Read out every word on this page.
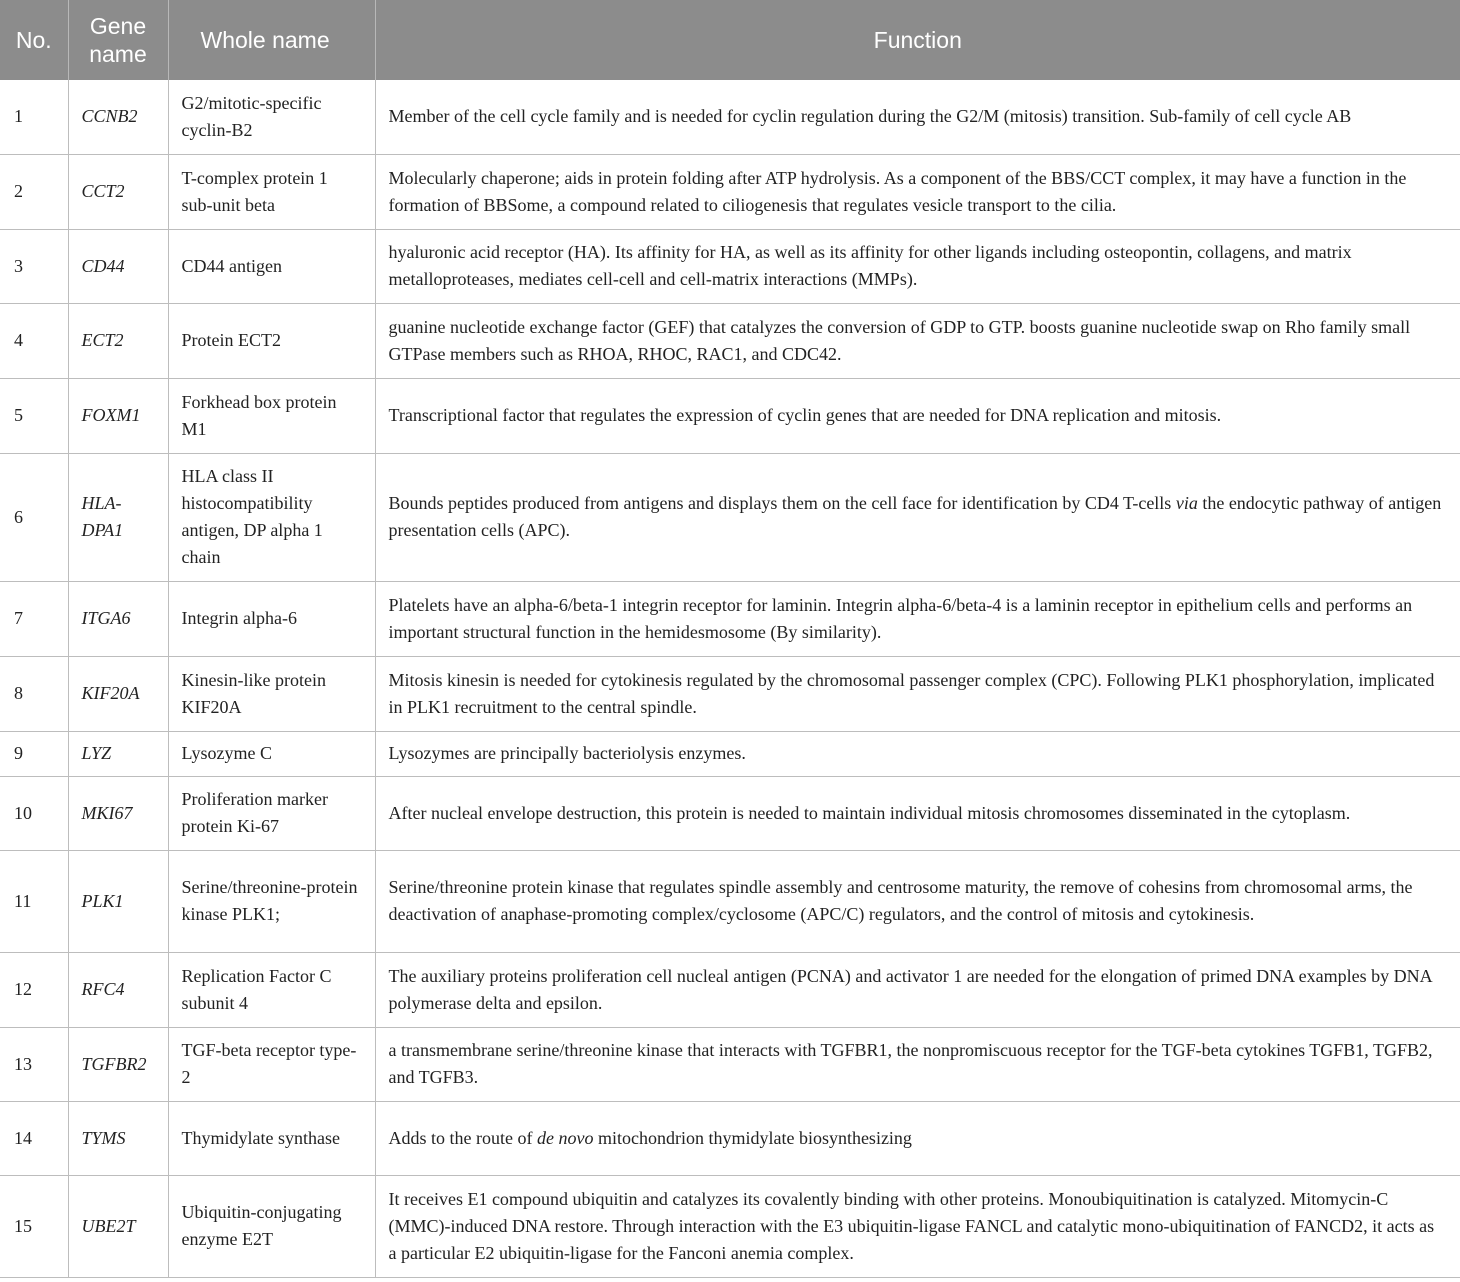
No.	Gene name	Whole name	Function
1	CCNB2	G2/mitotic-specific cyclin-B2	Member of the cell cycle family and is needed for cyclin regulation during the G2/M (mitosis) transition. Sub-family of cell cycle AB
2	CCT2	T-complex protein 1 sub-unit beta	Molecularly chaperone; aids in protein folding after ATP hydrolysis. As a component of the BBS/CCT complex, it may have a function in the formation of BBSome, a compound related to ciliogenesis that regulates vesicle transport to the cilia.
3	CD44	CD44 antigen	hyaluronic acid receptor (HA). Its affinity for HA, as well as its affinity for other ligands including osteopontin, collagens, and matrix metalloproteases, mediates cell-cell and cell-matrix interactions (MMPs).
4	ECT2	Protein ECT2	guanine nucleotide exchange factor (GEF) that catalyzes the conversion of GDP to GTP. boosts guanine nucleotide swap on Rho family small GTPase members such as RHOA, RHOC, RAC1, and CDC42.
5	FOXM1	Forkhead box protein M1	Transcriptional factor that regulates the expression of cyclin genes that are needed for DNA replication and mitosis.
6	HLA-DPA1	HLA class II histocompatibility antigen, DP alpha 1 chain	Bounds peptides produced from antigens and displays them on the cell face for identification by CD4 T-cells via the endocytic pathway of antigen presentation cells (APC).
7	ITGA6	Integrin alpha-6	Platelets have an alpha-6/beta-1 integrin receptor for laminin. Integrin alpha-6/beta-4 is a laminin receptor in epithelium cells and performs an important structural function in the hemidesmosome (By similarity).
8	KIF20A	Kinesin-like protein KIF20A	Mitosis kinesin is needed for cytokinesis regulated by the chromosomal passenger complex (CPC). Following PLK1 phosphorylation, implicated in PLK1 recruitment to the central spindle.
9	LYZ	Lysozyme C	Lysozymes are principally bacteriolysis enzymes.
10	MKI67	Proliferation marker protein Ki-67	After nucleal envelope destruction, this protein is needed to maintain individual mitosis chromosomes disseminated in the cytoplasm.
11	PLK1	Serine/threonine-protein kinase PLK1;	Serine/threonine protein kinase that regulates spindle assembly and centrosome maturity, the remove of cohesins from chromosomal arms, the deactivation of anaphase-promoting complex/cyclosome (APC/C) regulators, and the control of mitosis and cytokinesis.
12	RFC4	Replication Factor C subunit 4	The auxiliary proteins proliferation cell nucleal antigen (PCNA) and activator 1 are needed for the elongation of primed DNA examples by DNA polymerase delta and epsilon.
13	TGFBR2	TGF-beta receptor type-2	a transmembrane serine/threonine kinase that interacts with TGFBR1, the nonpromiscuous receptor for the TGF-beta cytokines TGFB1, TGFB2, and TGFB3.
14	TYMS	Thymidylate synthase	Adds to the route of de novo mitochondrion thymidylate biosynthesizing
15	UBE2T	Ubiquitin-conjugating enzyme E2T	It receives E1 compound ubiquitin and catalyzes its covalently binding with other proteins. Monoubiquitination is catalyzed. Mitomycin-C (MMC)-induced DNA restore. Through interaction with the E3 ubiquitin-ligase FANCL and catalytic mono-ubiquitination of FANCD2, it acts as a particular E2 ubiquitin-ligase for the Fanconi anemia complex.
